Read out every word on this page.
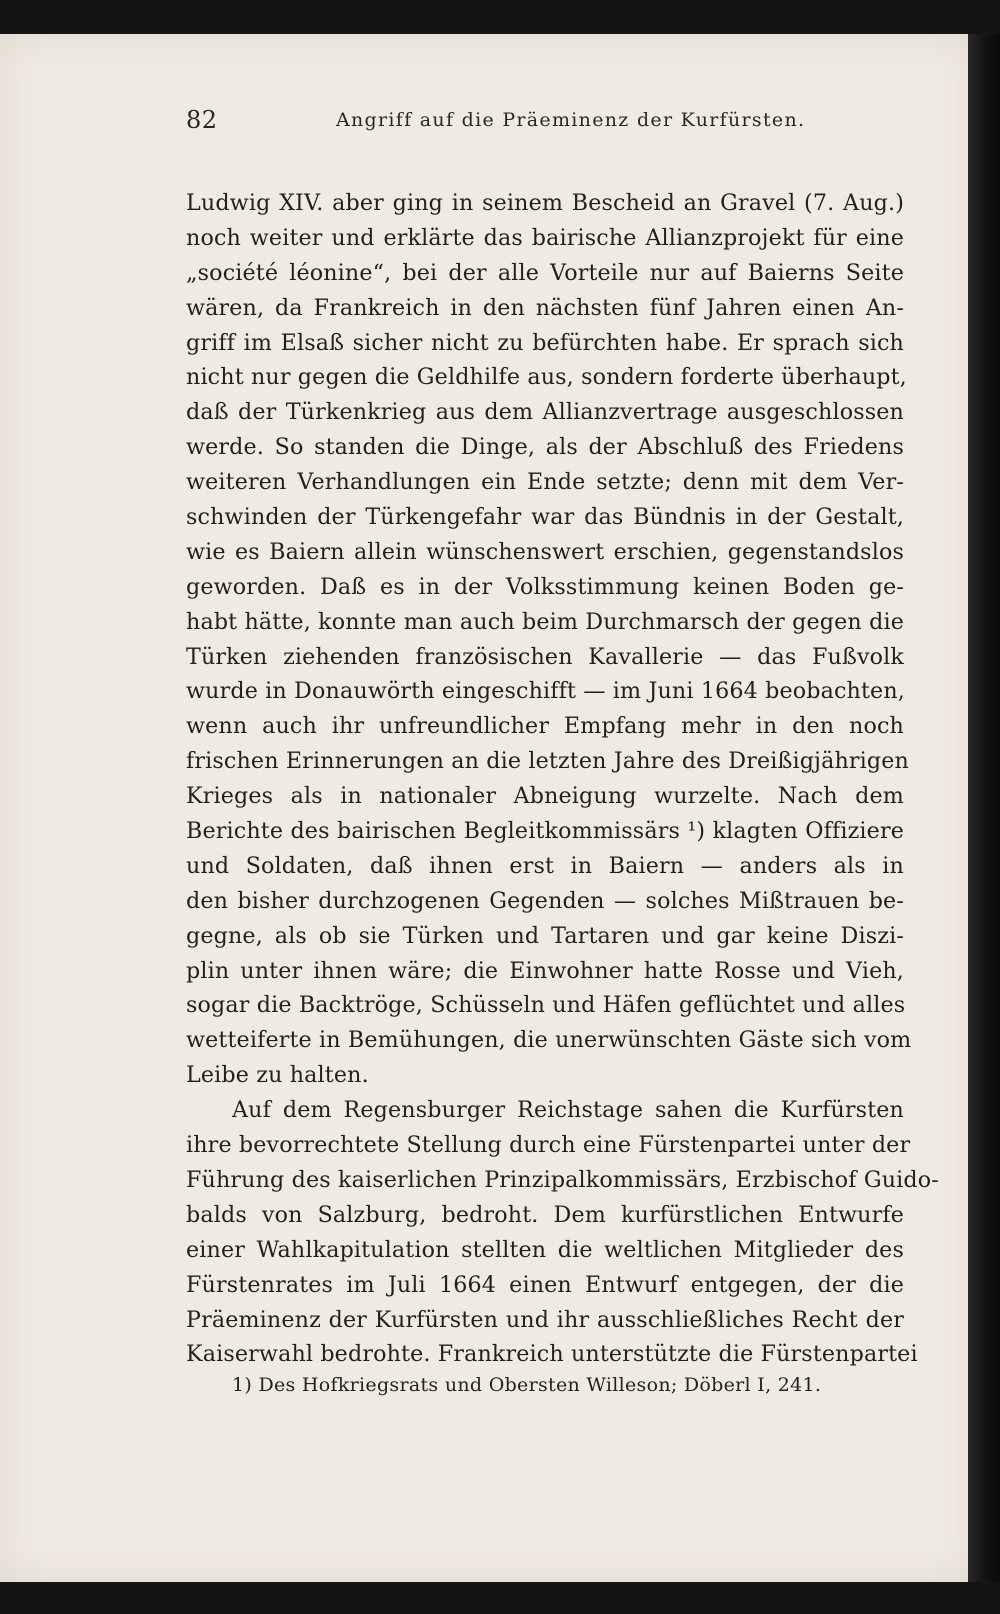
82	Angriff auf die Präeminenz der Kurfürsten.
Ludwig XIV. aber ging in seinem Bescheid an Gravel (7. Aug.)
noch weiter und erklärte das bairische Allianzprojekt für eine
„société léonine“, bei der alle Vorteile nur auf Baierns Seite
wären, da Frankreich in den nächsten fünf Jahren einen An-
griff im Elsaß sicher nicht zu befürchten habe. Er sprach sich
nicht nur gegen die Geldhilfe aus, sondern forderte überhaupt,
daß der Türkenkrieg aus dem Allianzvertrage ausgeschlossen
werde. So standen die Dinge, als der Abschluß des Friedens
weiteren Verhandlungen ein Ende setzte; denn mit dem Ver-
schwinden der Türkengefahr war das Bündnis in der Gestalt,
wie es Baiern allein wünschenswert erschien, gegenstandslos
geworden. Daß es in der Volksstimmung keinen Boden ge-
habt hätte, konnte man auch beim Durchmarsch der gegen die
Türken ziehenden französischen Kavallerie — das Fußvolk
wurde in Donauwörth eingeschifft — im Juni 1664 beobachten,
wenn auch ihr unfreundlicher Empfang mehr in den noch
frischen Erinnerungen an die letzten Jahre des Dreißigjährigen
Krieges als in nationaler Abneigung wurzelte. Nach dem
Berichte des bairischen Begleitkommissärs ¹) klagten Offiziere
und Soldaten, daß ihnen erst in Baiern — anders als in
den bisher durchzogenen Gegenden — solches Mißtrauen be-
gegne, als ob sie Türken und Tartaren und gar keine Diszi-
plin unter ihnen wäre; die Einwohner hatte Rosse und Vieh,
sogar die Backtröge, Schüsseln und Häfen geflüchtet und alles
wetteiferte in Bemühungen, die unerwünschten Gäste sich vom
Leibe zu halten.
Auf dem Regensburger Reichstage sahen die Kurfürsten
ihre bevorrechtete Stellung durch eine Fürstenpartei unter der
Führung des kaiserlichen Prinzipalkommissärs, Erzbischof Guido-
balds von Salzburg, bedroht. Dem kurfürstlichen Entwurfe
einer Wahlkapitulation stellten die weltlichen Mitglieder des
Fürstenrates im Juli 1664 einen Entwurf entgegen, der die
Präeminenz der Kurfürsten und ihr ausschließliches Recht der
Kaiserwahl bedrohte. Frankreich unterstützte die Fürstenpartei
1) Des Hofkriegsrats und Obersten Willeson; Döberl I, 241.
